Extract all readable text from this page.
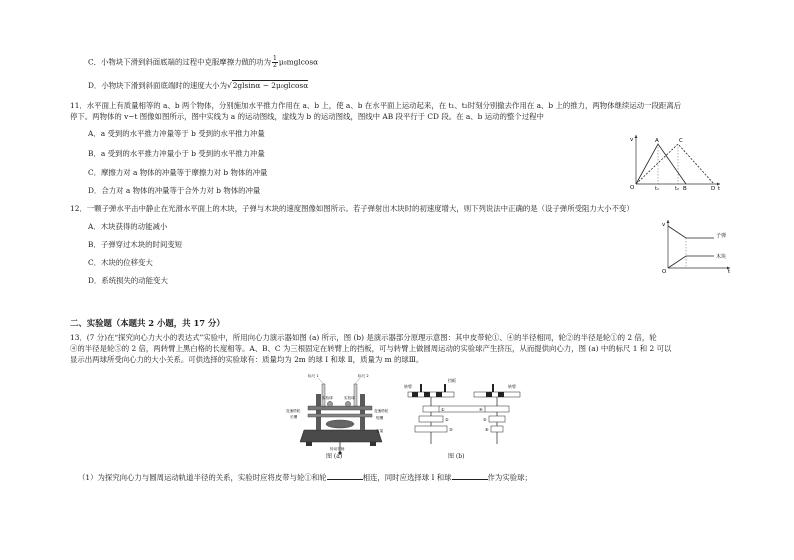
C．小物块下滑到斜面底端的过程中克服摩擦力做的功为 $\frac{1}{2} \mu_0mglcos\alpha$
D．小物块下滑到斜面底端时的速度大小为√2glsinα − 2μ₀glcosα
11．水平面上有质量相等的 a、b 两个物体，分别施加水平推力作用在 a、b 上，使 a、b 在水平面上运动起来，在 t₁、t₂时刻分别撤去作用在 a、b 上的推力，两物体继续运动一段距离后
停下。两物体的 v−t 图像如图所示，图中实线为 a 的运动图线，虚线为 b 的运动图线，图线中 AB 段平行于 CD 段。在 a、b 运动的整个过程中
A．a 受到的水平推力冲量等于 b 受到的水平推力冲量
B．a 受到的水平推力冲量小于 b 受到的水平推力冲量
C．摩擦力对 a 物体的冲量等于摩擦力对 b 物体的冲量
D．合力对 a 物体的冲量等于合外力对 b 物体的冲量
v
O
A	C
B	D
t₁	t₂	t
12．一颗子弹水平击中静止在光滑水平面上的木块，子弹与木块的速度图像如图所示。若子弹射出木块时的初速度增大，则下列说法中正确的是（设子弹所受阻力大小不变）
A．木块获得的动能减小
B．子弹穿过木块的时间变短
C．木块的位移变大
D．系统损失的动能变大
v
O	t
子弹
木块
二、实验题（本题共 2 小题，共 17 分）
13．(7 分)在“探究向心力大小的表达式”实验中，所用向心力演示器如图 (a) 所示，图 (b) 是演示器部分原理示意图：其中皮带轮①、④的半径相同，轮②的半径是轮①的 2 倍，轮
④的半径是轮⑤的 2 倍，两转臂上黑白格的长度相等。A、B、C 为三根固定在转臂上的挡板，可与转臂上做圆周运动的实验球产生挤压，从而提供向心力，图 (a) 中的标尺 1 和 2 可以
显示出两球所受向心力的大小关系。可供选择的实验球有：质量均为 2m 的球 Ⅰ 和球 Ⅱ，质量为 m 的球Ⅲ。
标尺 1	标尺 2
实验球	实验球
变速塔轮	变速塔轮
长槽	短槽
支架
转动手柄
图 (a)
挡板
转臂	转臂
①
②
③
④
⑤
⑥
图 (b)
（1）为探究向心力与圆周运动轨道半径的关系，实验时应将皮带与轮①和轮	相连，同时应选择球 Ⅰ 和球	作为实验球；
